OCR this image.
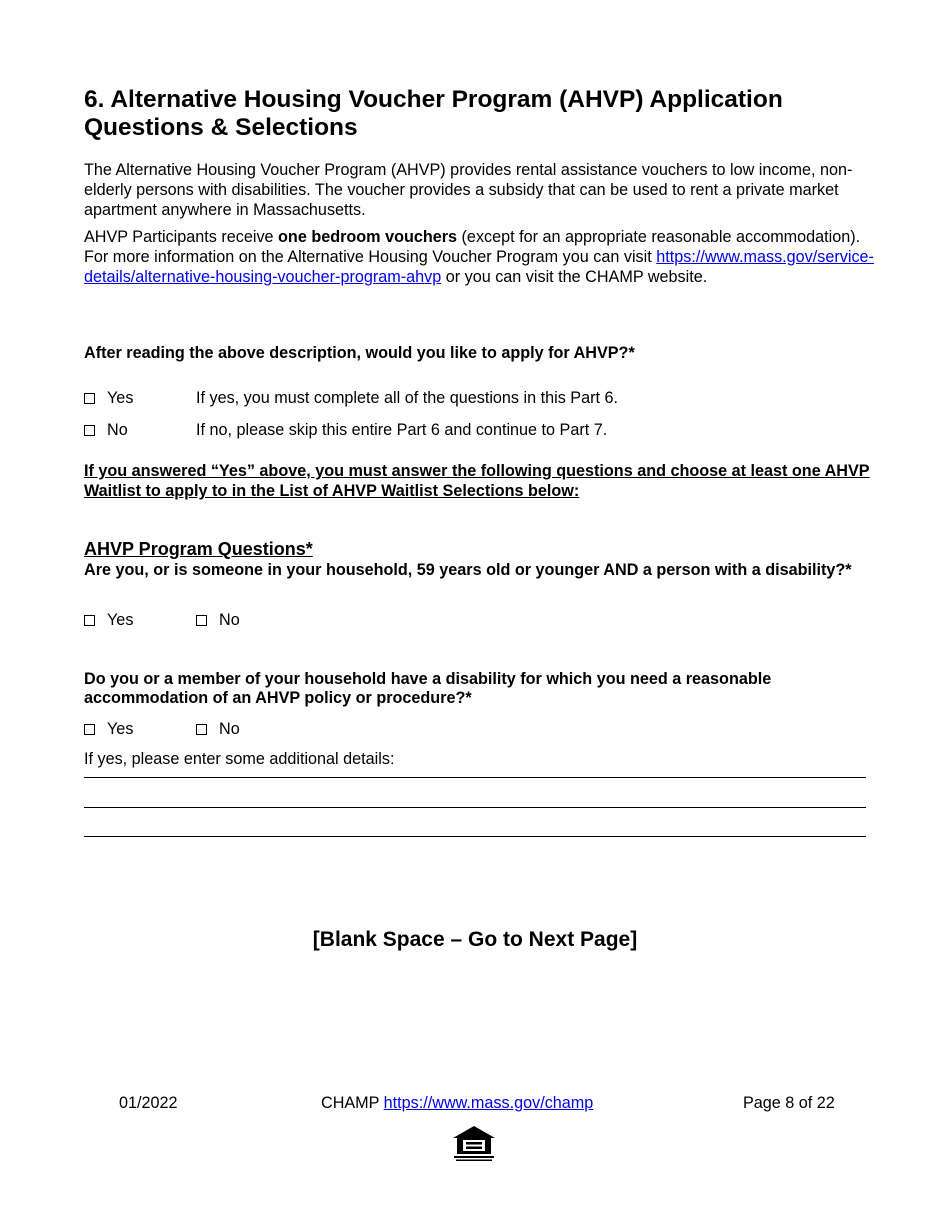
6. Alternative Housing Voucher Program (AHVP) Application Questions & Selections

The Alternative Housing Voucher Program (AHVP) provides rental assistance vouchers to low income, non-elderly persons with disabilities. The voucher provides a subsidy that can be used to rent a private market apartment anywhere in Massachusetts.

AHVP Participants receive one bedroom vouchers (except for an appropriate reasonable accommodation). For more information on the Alternative Housing Voucher Program you can visit https://www.mass.gov/service-details/alternative-housing-voucher-program-ahvp or you can visit the CHAMP website.

After reading the above description, would you like to apply for AHVP?*
Yes	If yes, you must complete all of the questions in this Part 6.
No	If no, please skip this entire Part 6 and continue to Part 7.
If you answered “Yes” above, you must answer the following questions and choose at least one AHVP Waitlist to apply to in the List of AHVP Waitlist Selections below:
AHVP Program Questions*
Are you, or is someone in your household, 59 years old or younger AND a person with a disability?*
Yes	No
Do you or a member of your household have a disability for which you need a reasonable accommodation of an AHVP policy or procedure?*
Yes	No
If yes, please enter some additional details:
[Blank Space – Go to Next Page]
01/2022	CHAMP https://www.mass.gov/champ	Page 8 of 22
